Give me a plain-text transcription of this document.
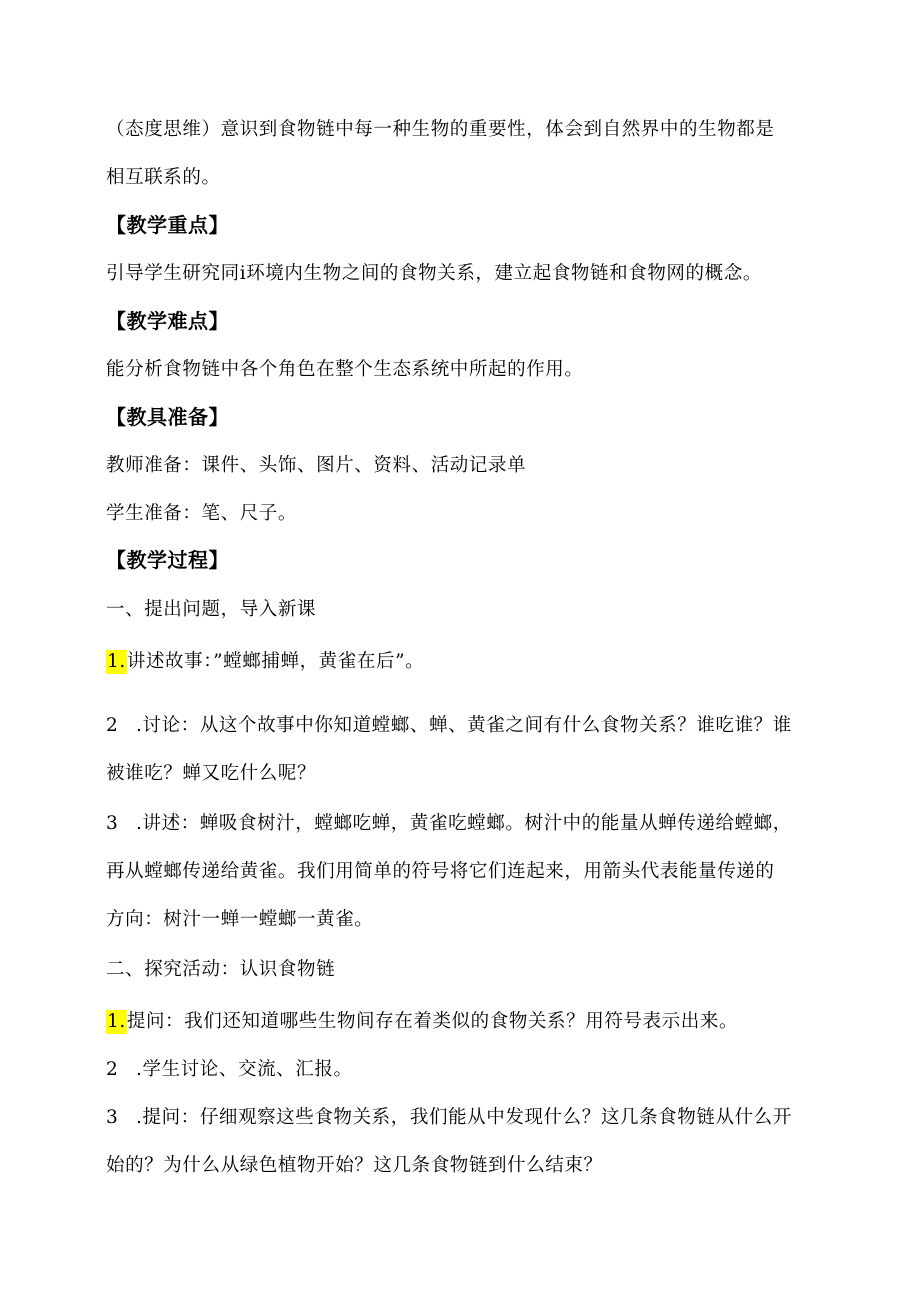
（态度思维）意识到食物链中每一种生物的重要性，体会到自然界中的生物都是
相互联系的。
【教学重点】
引导学生研究同i环境内生物之间的食物关系，建立起食物链和食物网的概念。
【教学难点】
能分析食物链中各个角色在整个生态系统中所起的作用。
【教具准备】
教师准备：课件、头饰、图片、资料、活动记录单
学生准备：笔、尺子。
【教学过程】
一、提出问题，导入新课
1.讲述故事：”螳螂捕蝉，黄雀在后”。
2 .讨论：从这个故事中你知道螳螂、蝉、黄雀之间有什么食物关系？谁吃谁？谁
被谁吃？蝉又吃什么呢？
3 .讲述：蝉吸食树汁，螳螂吃蝉，黄雀吃螳螂。树汁中的能量从蝉传递给螳螂，
再从螳螂传递给黄雀。我们用简单的符号将它们连起来，用箭头代表能量传递的
方向：树汁一蝉一螳螂一黄雀。
二、探究活动：认识食物链
1.提问：我们还知道哪些生物间存在着类似的食物关系？用符号表示出来。
2 .学生讨论、交流、汇报。
3 .提问：仔细观察这些食物关系，我们能从中发现什么？这几条食物链从什么开
始的？为什么从绿色植物开始？这几条食物链到什么结束？
